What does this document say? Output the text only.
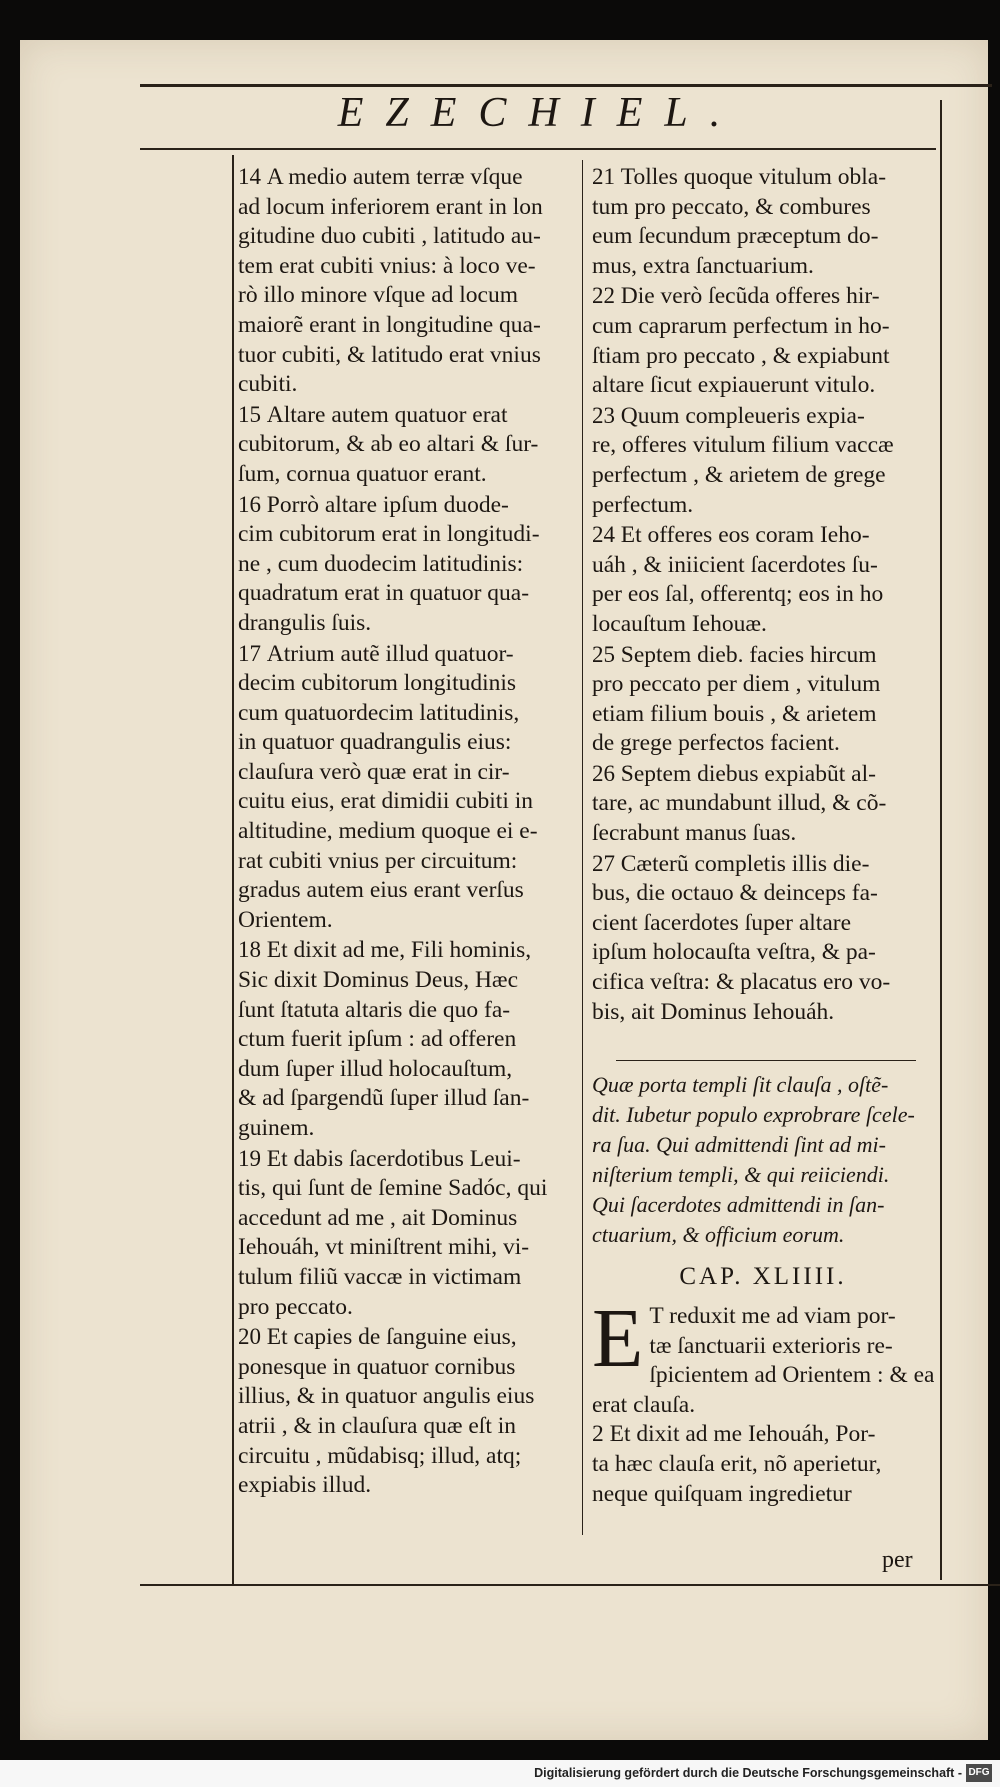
EZECHIEL.

14 A medio autem terræ vſque

ad locum inferiorem erant in lon

gitudine duo cubiti , latitudo au-

tem erat cubiti vnius: à loco ve-

rò illo minore vſque ad locum

maiorẽ erant in longitudine qua-

tuor cubiti, & latitudo erat vnius

cubiti.

15 Altare autem quatuor erat

cubitorum, & ab eo altari & ſur-

ſum, cornua quatuor erant.

16 Porrò altare ipſum duode-

cim cubitorum erat in longitudi-

ne , cum duodecim latitudinis:

quadratum erat in quatuor qua-

drangulis ſuis.

17 Atrium autẽ illud quatuor-

decim cubitorum longitudinis

cum quatuordecim latitudinis,

in quatuor quadrangulis eius:

clauſura verò quæ erat in cir-

cuitu eius, erat dimidii cubiti in

altitudine, medium quoque ei e-

rat cubiti vnius per circuitum:

gradus autem eius erant verſus

Orientem.

18 Et dixit ad me, Fili hominis,

Sic dixit Dominus Deus, Hæc

ſunt ſtatuta altaris die quo fa-

ctum fuerit ipſum : ad offeren

dum ſuper illud holocauſtum,

& ad ſpargendũ ſuper illud ſan-

guinem.

19 Et dabis ſacerdotibus Leui-

tis, qui ſunt de ſemine Sadóc, qui

accedunt ad me , ait Dominus

Iehouáh, vt miniſtrent mihi, vi-

tulum filiũ vaccæ in victimam

pro peccato.

20 Et capies de ſanguine eius,

ponesque in quatuor cornibus

illius, & in quatuor angulis eius

atrii , & in clauſura quæ eſt in

circuitu , mũdabisq; illud, atq;

expiabis illud.

21 Tolles quoque vitulum obla-

tum pro peccato, & combures

eum ſecundum præceptum do-

mus, extra ſanctuarium.

22 Die verò ſecũda offeres hir-

cum caprarum perfectum in ho-

ſtiam pro peccato , & expiabunt

altare ſicut expiauerunt vitulo.

23 Quum compleueris expia-

re, offeres vitulum filium vaccæ

perfectum , & arietem de grege

perfectum.

24 Et offeres eos coram Ieho-

uáh , & iniicient ſacerdotes ſu-

per eos ſal, offerentq; eos in ho

locauſtum Iehouæ.

25 Septem dieb. facies hircum

pro peccato per diem , vitulum

etiam filium bouis , & arietem

de grege perfectos facient.

26 Septem diebus expiabũt al-

tare, ac mundabunt illud, & cõ-

ſecrabunt manus ſuas.

27 Cæterũ completis illis die-

bus, die octauo & deinceps fa-

cient ſacerdotes ſuper altare

ipſum holocauſta veſtra, & pa-

cifica veſtra: & placatus ero vo-

bis, ait Dominus Iehouáh.

Quæ porta templi ſit clauſa , oſtẽ-

dit. Iubetur populo exprobrare ſcele-

ra ſua. Qui admittendi ſint ad mi-

niſterium templi, & qui reiiciendi.

Qui ſacerdotes admittendi in ſan-

ctuarium, & officium eorum.

CAP. XLIIII.
E T reduxit me ad viam por-

tæ ſanctuarii exterioris re-

ſpicientem ad Orientem : & ea

erat clauſa.

2 Et dixit ad me Iehouáh, Por-

ta hæc clauſa erit, nõ aperietur,

neque quiſquam ingredietur

per
Digitalisierung gefördert durch die Deutsche Forschungsgemeinschaft - DFG
